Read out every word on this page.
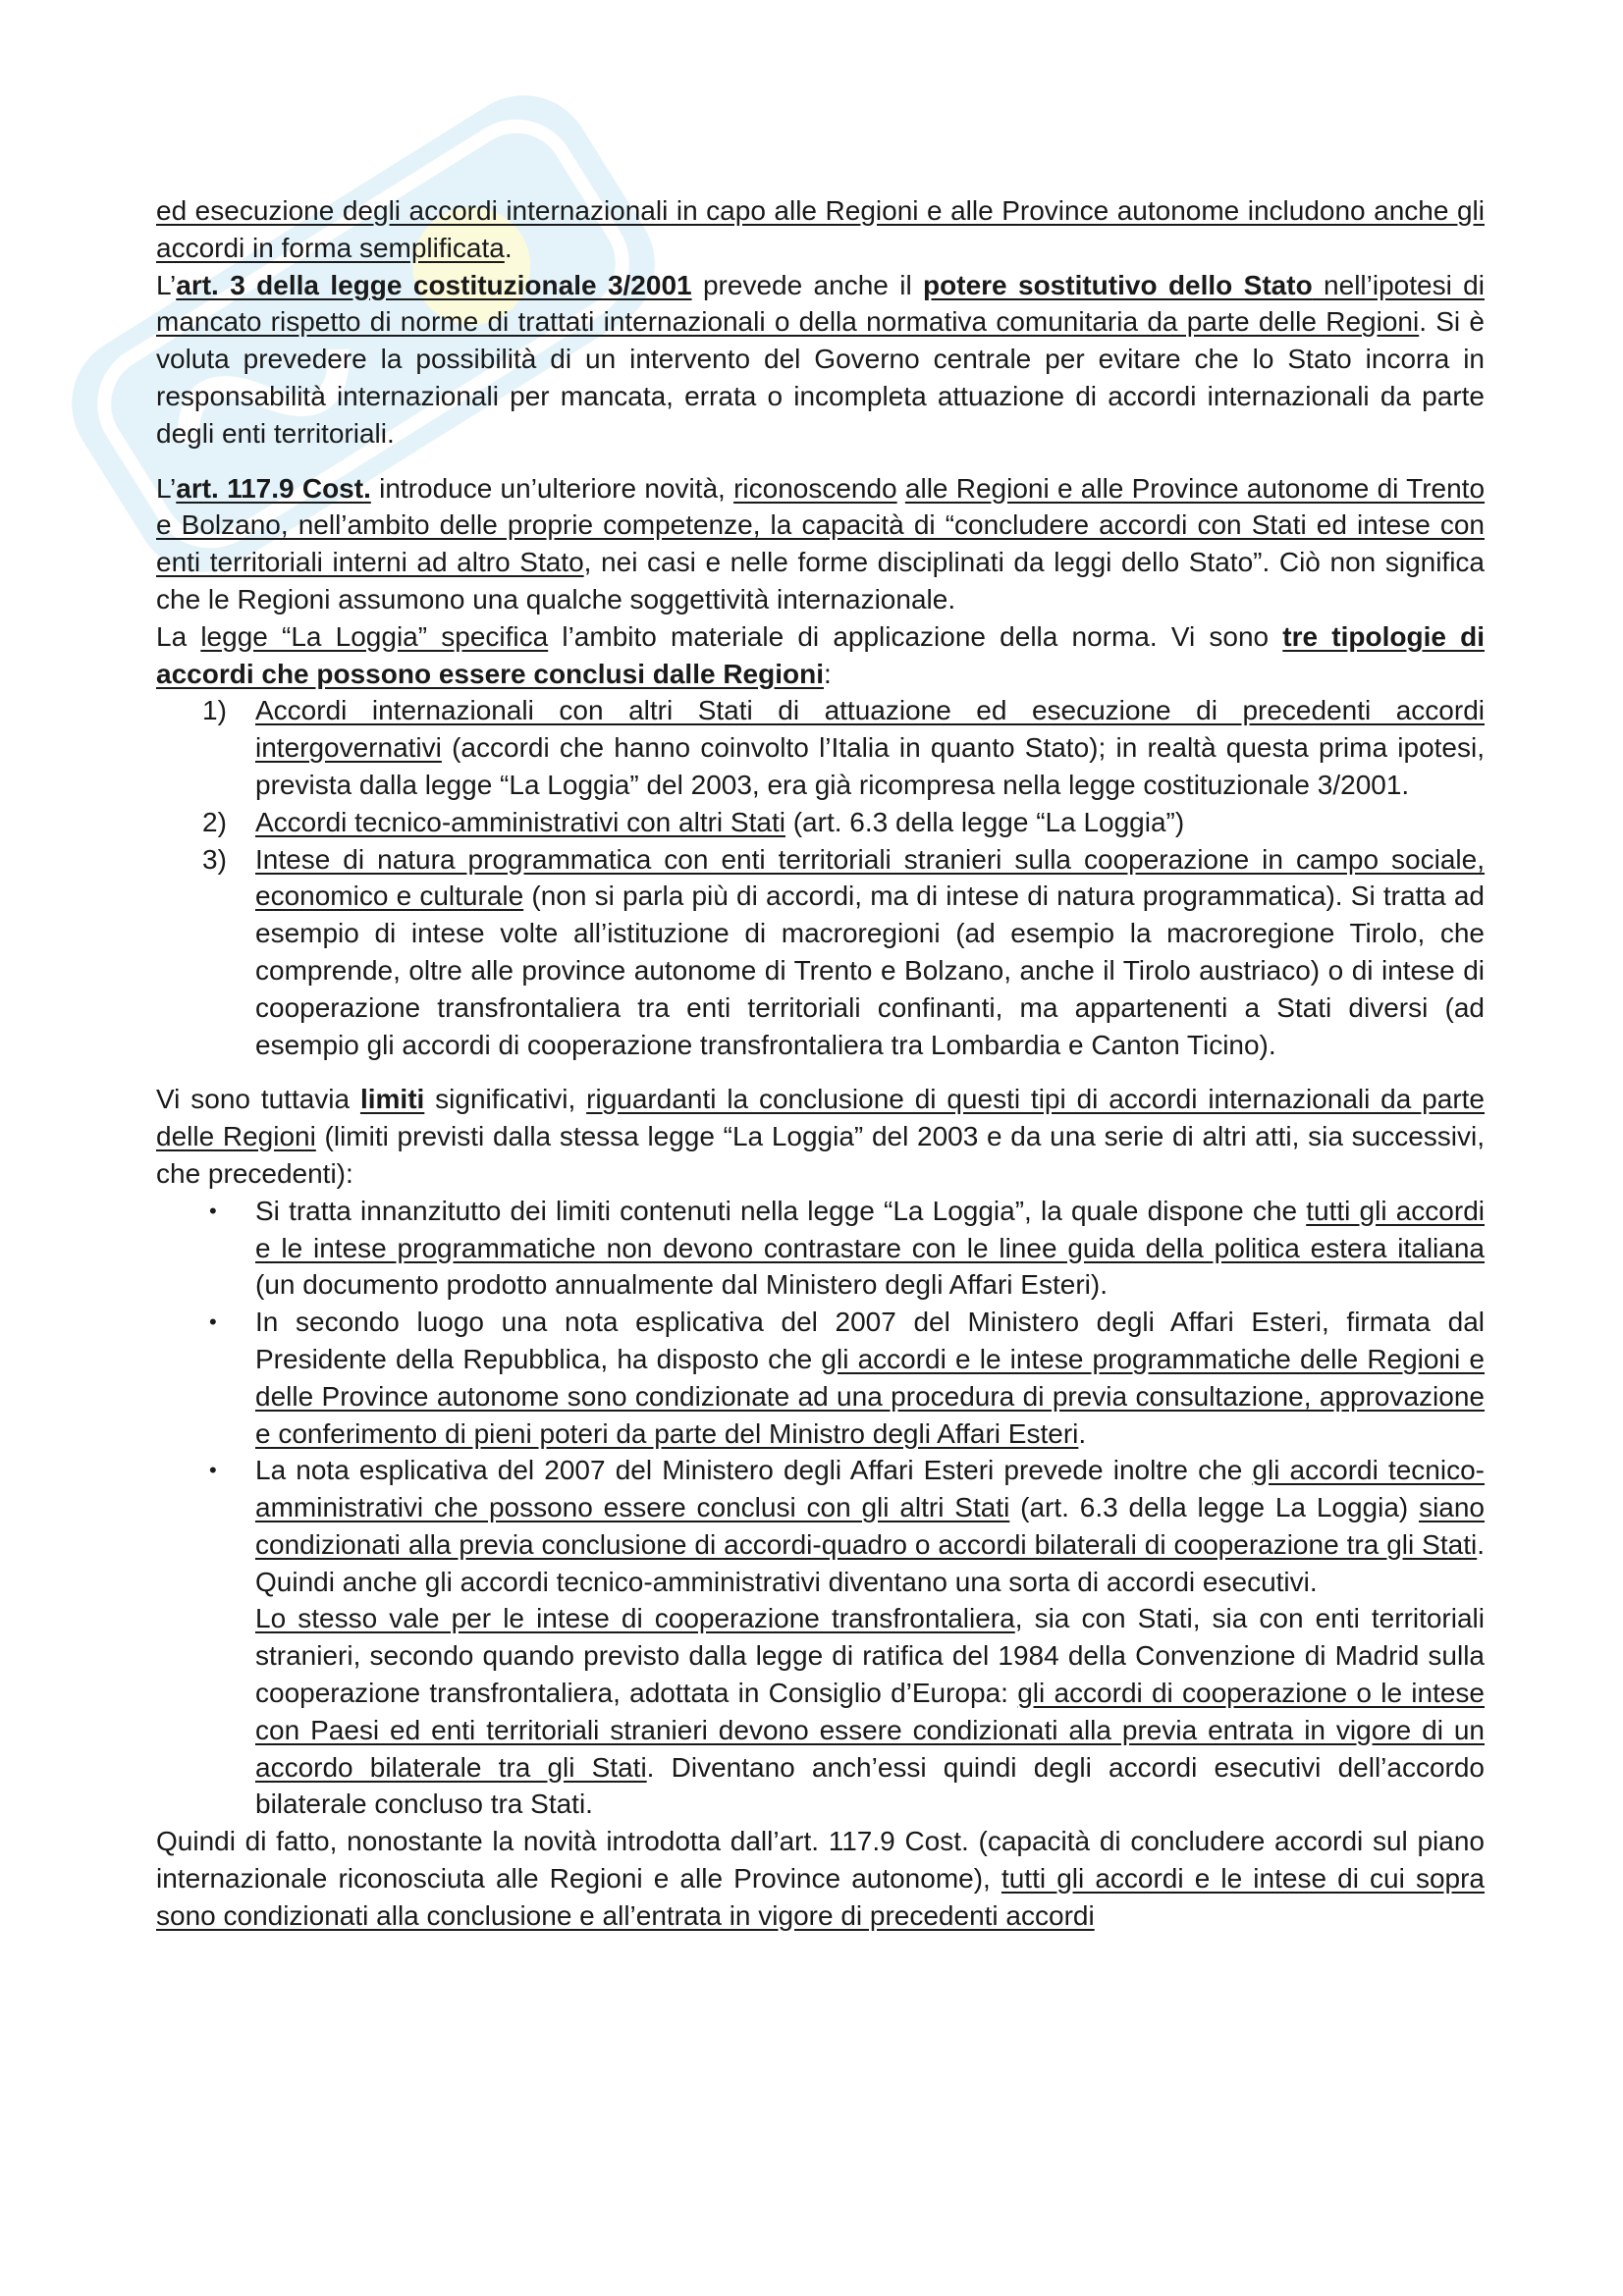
ed esecuzione degli accordi internazionali in capo alle Regioni e alle Province autonome includono anche gli accordi in forma semplificata.

L’art. 3 della legge costituzionale 3/2001 prevede anche il potere sostitutivo dello Stato nell’ipotesi di mancato rispetto di norme di trattati internazionali o della normativa comunitaria da parte delle Regioni. Si è voluta prevedere la possibilità di un intervento del Governo centrale per evitare che lo Stato incorra in responsabilità internazionali per mancata, errata o incompleta attuazione di accordi internazionali da parte degli enti territoriali.

L’art. 117.9 Cost. introduce un’ulteriore novità, riconoscendo alle Regioni e alle Province autonome di Trento e Bolzano, nell’ambito delle proprie competenze, la capacità di “concludere accordi con Stati ed intese con enti territoriali interni ad altro Stato, nei casi e nelle forme disciplinati da leggi dello Stato”. Ciò non significa che le Regioni assumono una qualche soggettività internazionale.

La legge “La Loggia” specifica l’ambito materiale di applicazione della norma. Vi sono tre tipologie di accordi che possono essere conclusi dalle Regioni:

1) Accordi internazionali con altri Stati di attuazione ed esecuzione di precedenti accordi intergovernativi (accordi che hanno coinvolto l’Italia in quanto Stato); in realtà questa prima ipotesi, prevista dalla legge “La Loggia” del 2003, era già ricompresa nella legge costituzionale 3/2001.
2) Accordi tecnico-amministrativi con altri Stati (art. 6.3 della legge “La Loggia”)
3) Intese di natura programmatica con enti territoriali stranieri sulla cooperazione in campo sociale, economico e culturale (non si parla più di accordi, ma di intese di natura programmatica). Si tratta ad esempio di intese volte all’istituzione di macroregioni (ad esempio la macroregione Tirolo, che comprende, oltre alle province autonome di Trento e Bolzano, anche il Tirolo austriaco) o di intese di cooperazione transfrontaliera tra enti territoriali confinanti, ma appartenenti a Stati diversi (ad esempio gli accordi di cooperazione transfrontaliera tra Lombardia e Canton Ticino).

Vi sono tuttavia limiti significativi, riguardanti la conclusione di questi tipi di accordi internazionali da parte delle Regioni (limiti previsti dalla stessa legge “La Loggia” del 2003 e da una serie di altri atti, sia successivi, che precedenti):

• Si tratta innanzitutto dei limiti contenuti nella legge “La Loggia”, la quale dispone che tutti gli accordi e le intese programmatiche non devono contrastare con le linee guida della politica estera italiana (un documento prodotto annualmente dal Ministero degli Affari Esteri).
• In secondo luogo una nota esplicativa del 2007 del Ministero degli Affari Esteri, firmata dal Presidente della Repubblica, ha disposto che gli accordi e le intese programmatiche delle Regioni e delle Province autonome sono condizionate ad una procedura di previa consultazione, approvazione e conferimento di pieni poteri da parte del Ministro degli Affari Esteri.
• La nota esplicativa del 2007 del Ministero degli Affari Esteri prevede inoltre che gli accordi tecnico-amministrativi che possono essere conclusi con gli altri Stati (art. 6.3 della legge La Loggia) siano condizionati alla previa conclusione di accordi-quadro o accordi bilaterali di cooperazione tra gli Stati. Quindi anche gli accordi tecnico-amministrativi diventano una sorta di accordi esecutivi.
Lo stesso vale per le intese di cooperazione transfrontaliera, sia con Stati, sia con enti territoriali stranieri, secondo quando previsto dalla legge di ratifica del 1984 della Convenzione di Madrid sulla cooperazione transfrontaliera, adottata in Consiglio d’Europa: gli accordi di cooperazione o le intese con Paesi ed enti territoriali stranieri devono essere condizionati alla previa entrata in vigore di un accordo bilaterale tra gli Stati. Diventano anch’essi quindi degli accordi esecutivi dell’accordo bilaterale concluso tra Stati.

Quindi di fatto, nonostante la novità introdotta dall’art. 117.9 Cost. (capacità di concludere accordi sul piano internazionale riconosciuta alle Regioni e alle Province autonome), tutti gli accordi e le intese di cui sopra sono condizionati alla conclusione e all’entrata in vigore di precedenti accordi
